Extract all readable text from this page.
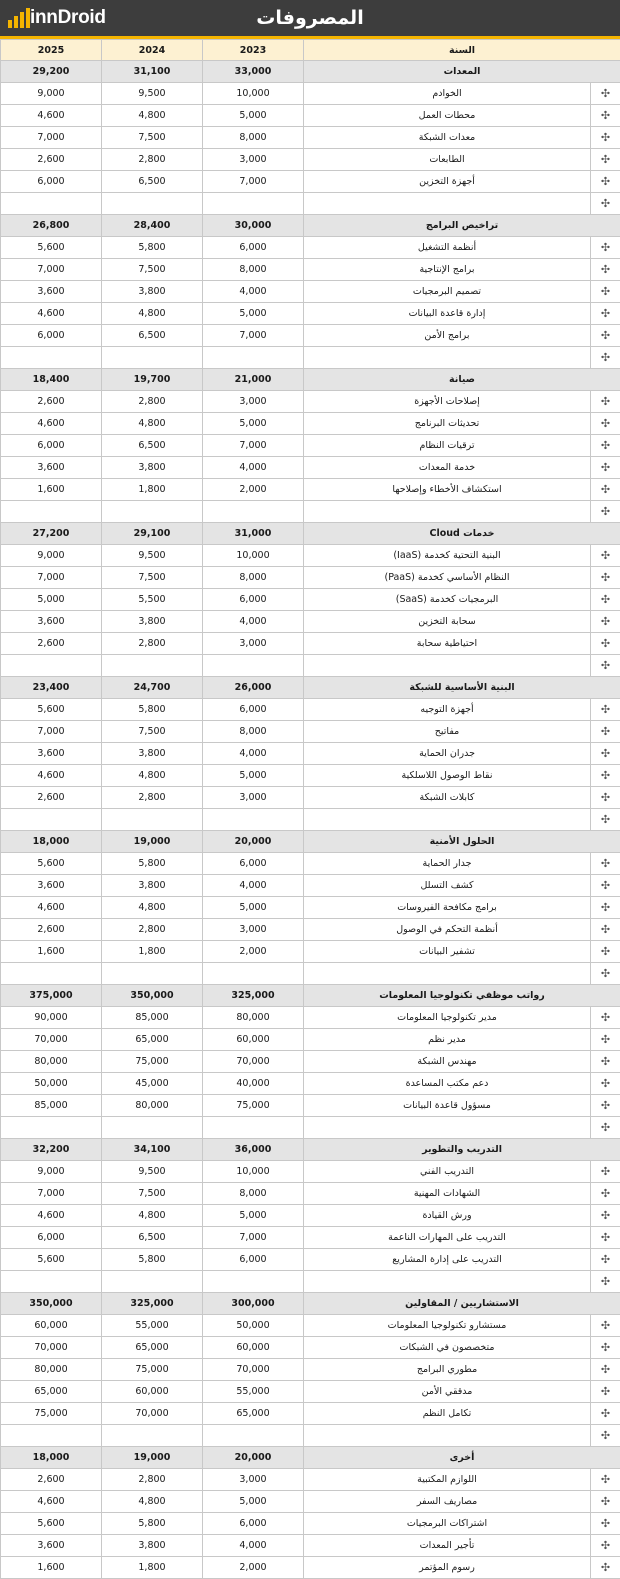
innDroid	المصروفات
السنة		2023	2024	2025
المعدات		33,000	31,100	29,200
✣	الخوادم	10,000	9,500	9,000
✣	محطات العمل	5,000	4,800	4,600
✣	معدات الشبكة	8,000	7,500	7,000
✣	الطابعات	3,000	2,800	2,600
✣	أجهزة التخزين	7,000	6,500	6,000
✣				
تراخيص البرامج		30,000	28,400	26,800
✣	أنظمة التشغيل	6,000	5,800	5,600
✣	برامج الإنتاجية	8,000	7,500	7,000
✣	تصميم البرمجيات	4,000	3,800	3,600
✣	إدارة قاعدة البيانات	5,000	4,800	4,600
✣	برامج الأمن	7,000	6,500	6,000
✣				
صيانة		21,000	19,700	18,400
✣	إصلاحات الأجهزة	3,000	2,800	2,600
✣	تحديثات البرنامج	5,000	4,800	4,600
✣	ترقيات النظام	7,000	6,500	6,000
✣	خدمة المعدات	4,000	3,800	3,600
✣	استكشاف الأخطاء وإصلاحها	2,000	1,800	1,600
✣				
خدمات Cloud		31,000	29,100	27,200
✣	البنية التحتية كخدمة (IaaS)	10,000	9,500	9,000
✣	النظام الأساسي كخدمة (PaaS)	8,000	7,500	7,000
✣	البرمجيات كخدمة (SaaS)	6,000	5,500	5,000
✣	سحابة التخزين	4,000	3,800	3,600
✣	احتياطية سحابة	3,000	2,800	2,600
✣				
البنية الأساسية للشبكة		26,000	24,700	23,400
✣	أجهزة التوجيه	6,000	5,800	5,600
✣	مفاتيح	8,000	7,500	7,000
✣	جدران الحماية	4,000	3,800	3,600
✣	نقاط الوصول اللاسلكية	5,000	4,800	4,600
✣	كابلات الشبكة	3,000	2,800	2,600
✣				
الحلول الأمنية		20,000	19,000	18,000
✣	جدار الحماية	6,000	5,800	5,600
✣	كشف التسلل	4,000	3,800	3,600
✣	برامج مكافحة الفيروسات	5,000	4,800	4,600
✣	أنظمة التحكم في الوصول	3,000	2,800	2,600
✣	تشفير البيانات	2,000	1,800	1,600
✣				
رواتب موظفي تكنولوجيا المعلومات		325,000	350,000	375,000
✣	مدير تكنولوجيا المعلومات	80,000	85,000	90,000
✣	مدير نظم	60,000	65,000	70,000
✣	مهندس الشبكة	70,000	75,000	80,000
✣	دعم مكتب المساعدة	40,000	45,000	50,000
✣	مسؤول قاعدة البيانات	75,000	80,000	85,000
✣				
التدريب والتطوير		36,000	34,100	32,200
✣	التدريب الفني	10,000	9,500	9,000
✣	الشهادات المهنية	8,000	7,500	7,000
✣	ورش القيادة	5,000	4,800	4,600
✣	التدريب على المهارات الناعمة	7,000	6,500	6,000
✣	التدريب على إدارة المشاريع	6,000	5,800	5,600
✣				
الاستشاريين / المقاولين		300,000	325,000	350,000
✣	مستشارو تكنولوجيا المعلومات	50,000	55,000	60,000
✣	متخصصون في الشبكات	60,000	65,000	70,000
✣	مطوري البرامج	70,000	75,000	80,000
✣	مدققي الأمن	55,000	60,000	65,000
✣	تكامل النظم	65,000	70,000	75,000
✣				
أخرى		20,000	19,000	18,000
✣	اللوازم المكتبية	3,000	2,800	2,600
✣	مصاريف السفر	5,000	4,800	4,600
✣	اشتراكات البرمجيات	6,000	5,800	5,600
✣	تأجير المعدات	4,000	3,800	3,600
✣	رسوم المؤتمر	2,000	1,800	1,600
